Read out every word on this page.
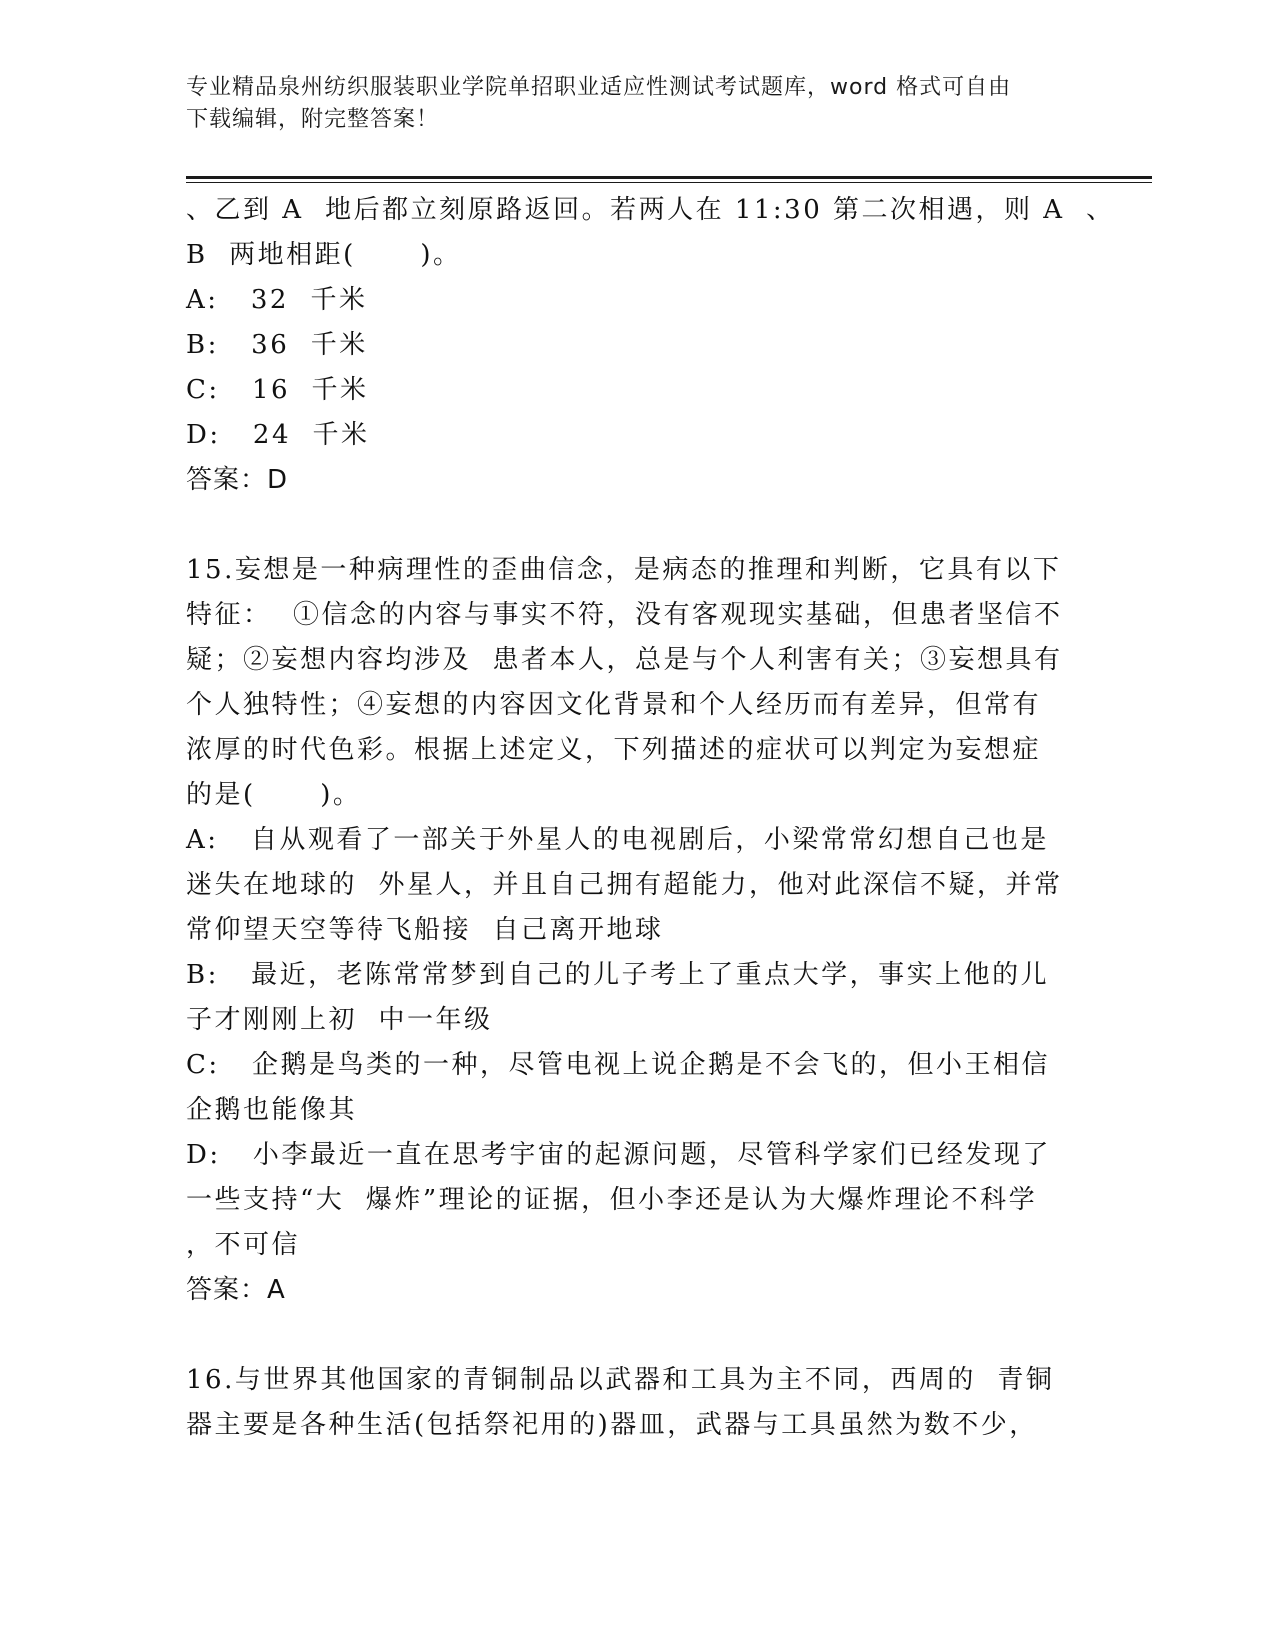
专业精品泉州纺织服装职业学院单招职业适应性测试考试题库，word 格式可自由
下载编辑，附完整答案！
、乙到 A  地后都立刻原路返回。若两人在 11:30 第二次相遇，则 A  、
B  两地相距(      )。
A:   32  千米
B:   36  千米
C:   16  千米
D:   24  千米
答案：D
15.妄想是一种病理性的歪曲信念，是病态的推理和判断，它具有以下
特征：  ①信念的内容与事实不符，没有客观现实基础，但患者坚信不
疑；②妄想内容均涉及  患者本人，总是与个人利害有关；③妄想具有
个人独特性；④妄想的内容因文化背景和个人经历而有差异，但常有
浓厚的时代色彩。根据上述定义，下列描述的症状可以判定为妄想症
的是(      )。
A:   自从观看了一部关于外星人的电视剧后，小梁常常幻想自己也是
迷失在地球的  外星人，并且自己拥有超能力，他对此深信不疑，并常
常仰望天空等待飞船接  自己离开地球
B:   最近，老陈常常梦到自己的儿子考上了重点大学，事实上他的儿
子才刚刚上初  中一年级
C:   企鹅是鸟类的一种，尽管电视上说企鹅是不会飞的，但小王相信
企鹅也能像其
D:   小李最近一直在思考宇宙的起源问题，尽管科学家们已经发现了
一些支持“大  爆炸”理论的证据，但小李还是认为大爆炸理论不科学
，不可信
答案：A
16.与世界其他国家的青铜制品以武器和工具为主不同，西周的  青铜
器主要是各种生活(包括祭祀用的)器皿，武器与工具虽然为数不少，
